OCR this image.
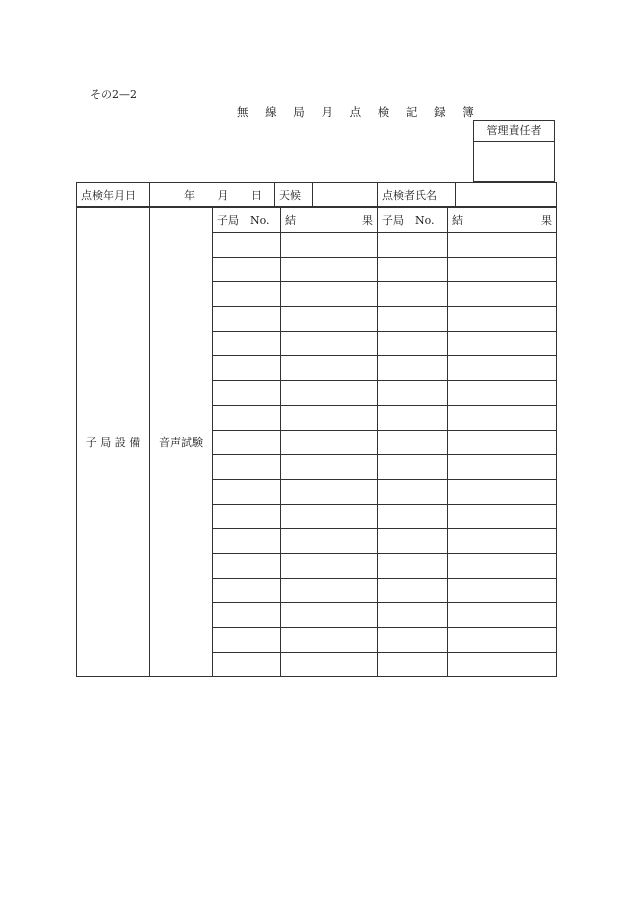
その2—2
無 線 局 月 点 検 記 録 簿
管理責任者
点検年月日	年 月 日	天候		点検者氏名	
子 局 設 備	音声試験	子局　No.	結 果	子局　No.	結 果
